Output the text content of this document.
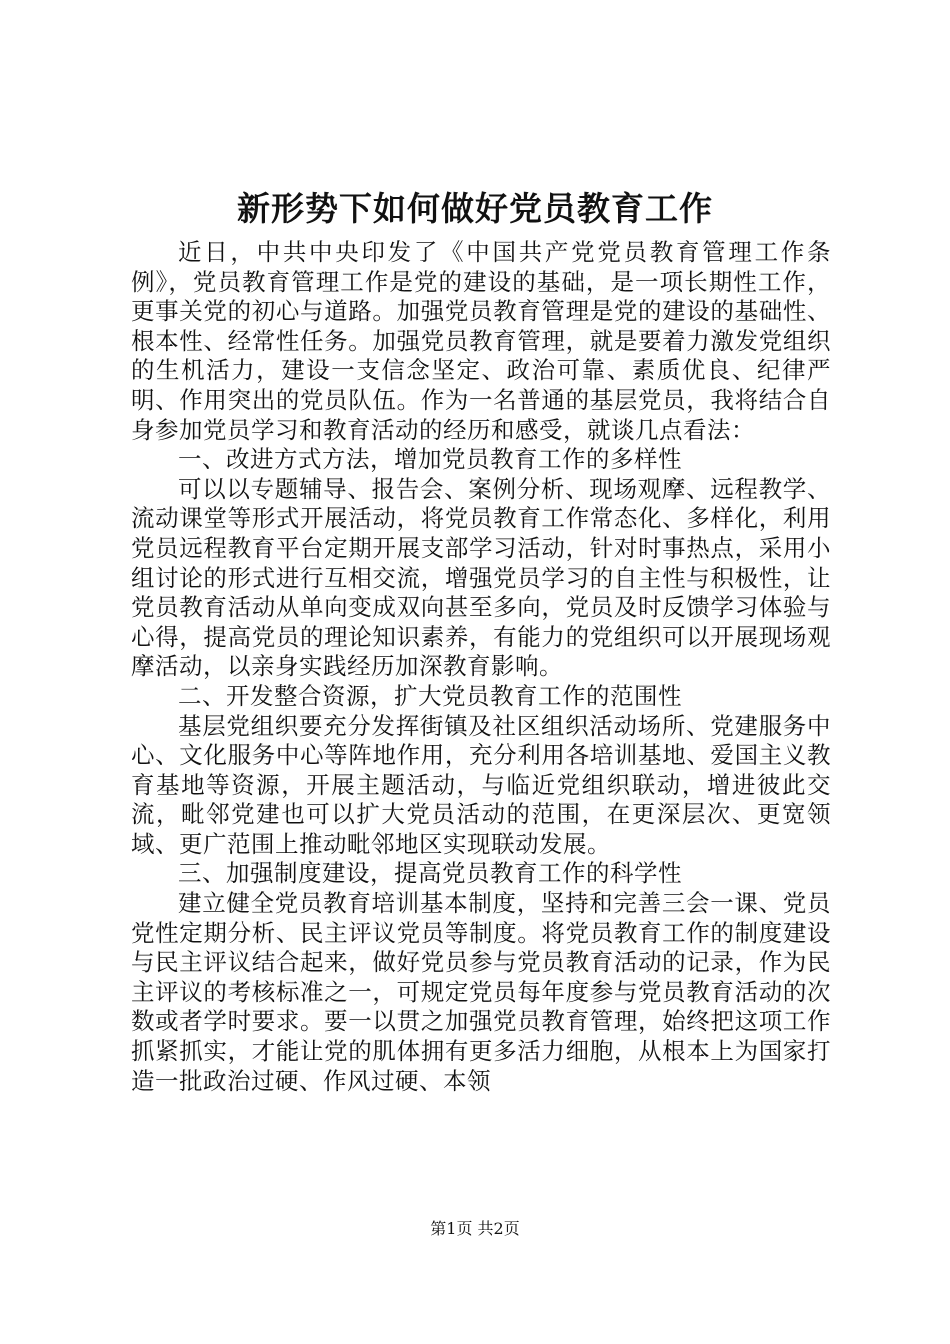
新形势下如何做好党员教育工作

近日，中共中央印发了《中国共产党党员教育管理工作条例》，党员教育管理工作是党的建设的基础，是一项长期性工作，更事关党的初心与道路。加强党员教育管理是党的建设的基础性、根本性、经常性任务。加强党员教育管理，就是要着力激发党组织的生机活力，建设一支信念坚定、政治可靠、素质优良、纪律严明、作用突出的党员队伍。作为一名普通的基层党员，我将结合自身参加党员学习和教育活动的经历和感受，就谈几点看法：

一、改进方式方法，增加党员教育工作的多样性

可以以专题辅导、报告会、案例分析、现场观摩、远程教学、流动课堂等形式开展活动，将党员教育工作常态化、多样化，利用党员远程教育平台定期开展支部学习活动，针对时事热点，采用小组讨论的形式进行互相交流，增强党员学习的自主性与积极性，让党员教育活动从单向变成双向甚至多向，党员及时反馈学习体验与心得，提高党员的理论知识素养，有能力的党组织可以开展现场观摩活动，以亲身实践经历加深教育影响。

二、开发整合资源，扩大党员教育工作的范围性

基层党组织要充分发挥街镇及社区组织活动场所、党建服务中心、文化服务中心等阵地作用，充分利用各培训基地、爱国主义教育基地等资源，开展主题活动，与临近党组织联动，增进彼此交流，毗邻党建也可以扩大党员活动的范围，在更深层次、更宽领域、更广范围上推动毗邻地区实现联动发展。

三、加强制度建设，提高党员教育工作的科学性

建立健全党员教育培训基本制度，坚持和完善三会一课、党员党性定期分析、民主评议党员等制度。将党员教育工作的制度建设与民主评议结合起来，做好党员参与党员教育活动的记录，作为民主评议的考核标准之一，可规定党员每年度参与党员教育活动的次数或者学时要求。要一以贯之加强党员教育管理，始终把这项工作抓紧抓实，才能让党的肌体拥有更多活力细胞，从根本上为国家打造一批政治过硬、作风过硬、本领

第1页 共2页
